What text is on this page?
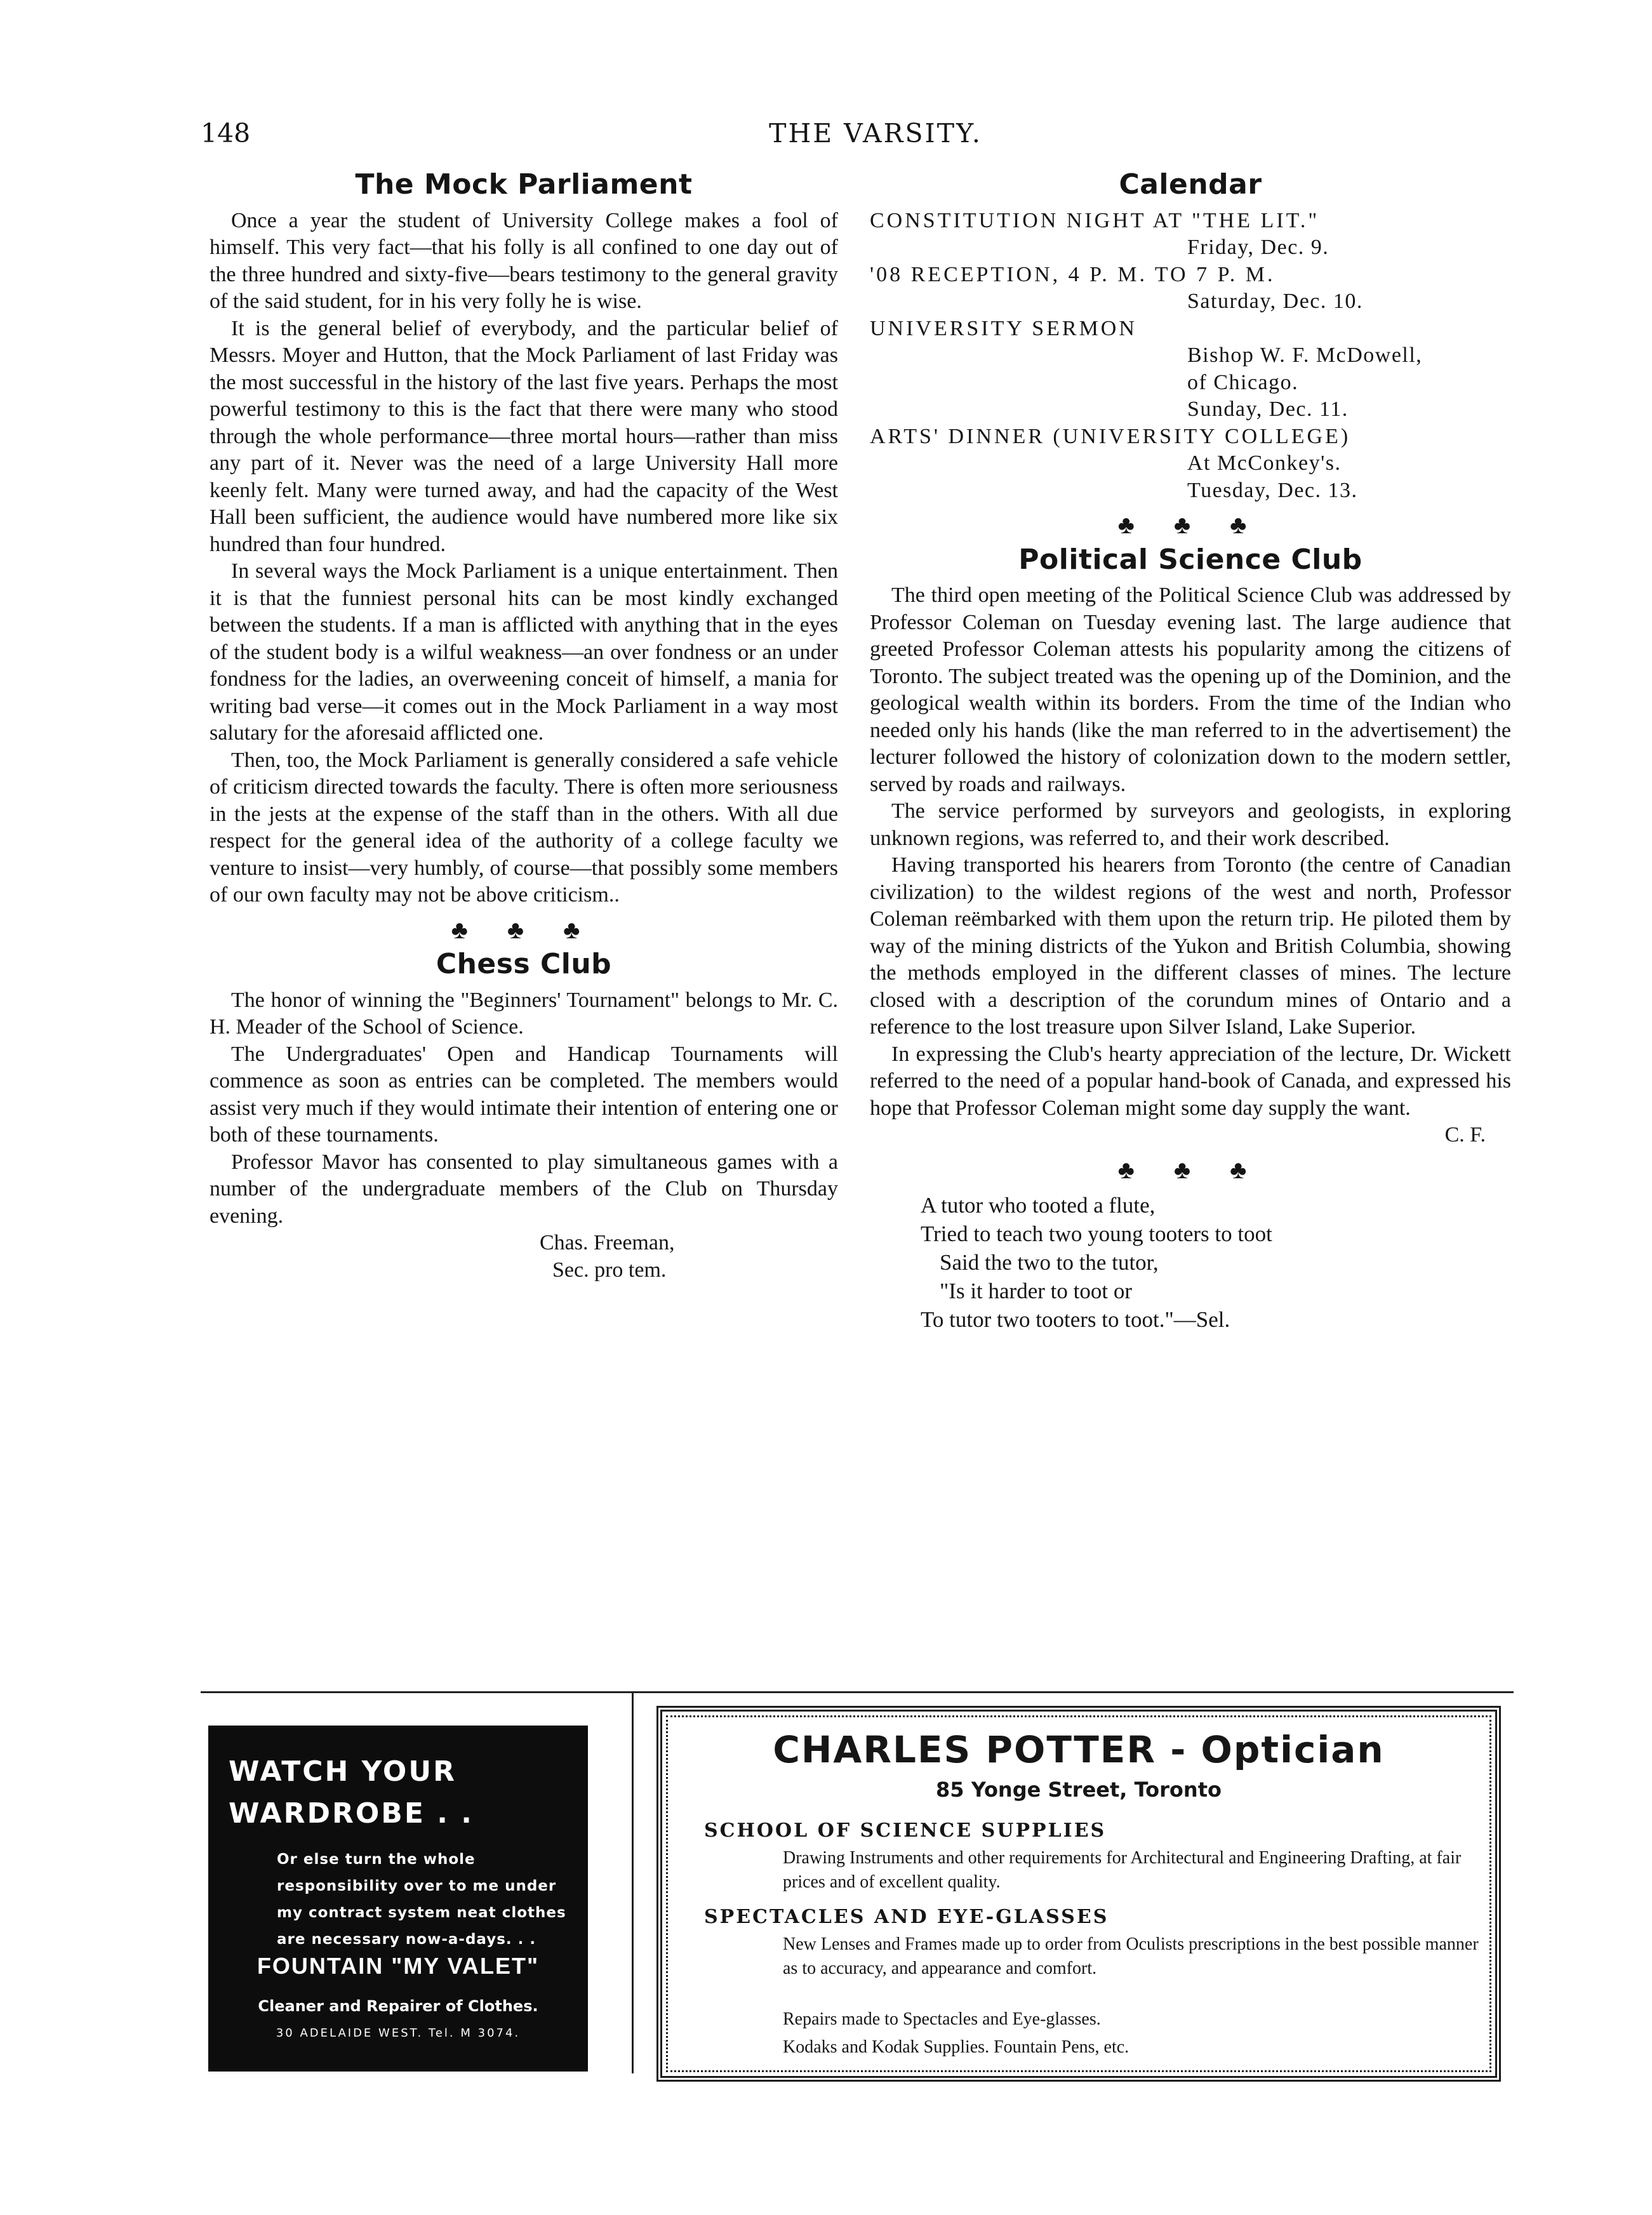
148	THE VARSITY.
The Mock Parliament

Once a year the student of University College makes a fool of himself. This very fact—that his folly is all confined to one day out of the three hundred and sixty-five—bears testimony to the general gravity of the said student, for in his very folly he is wise.

It is the general belief of everybody, and the particular belief of Messrs. Moyer and Hutton, that the Mock Parliament of last Friday was the most successful in the history of the last five years. Perhaps the most powerful testimony to this is the fact that there were many who stood through the whole performance—three mortal hours—rather than miss any part of it. Never was the need of a large University Hall more keenly felt. Many were turned away, and had the capacity of the West Hall been sufficient, the audience would have numbered more like six hundred than four hundred.

In several ways the Mock Parliament is a unique entertainment. Then it is that the funniest personal hits can be most kindly exchanged between the students. If a man is afflicted with anything that in the eyes of the student body is a wilful weakness—an over fondness or an under fondness for the ladies, an overweening conceit of himself, a mania for writing bad verse—it comes out in the Mock Parliament in a way most salutary for the aforesaid afflicted one.

Then, too, the Mock Parliament is generally considered a safe vehicle of criticism directed towards the faculty. There is often more seriousness in the jests at the expense of the staff than in the others. With all due respect for the general idea of the authority of a college faculty we venture to insist—very humbly, of course—that possibly some members of our own faculty may not be above criticism..

♣ ♣ ♣
Chess Club

The honor of winning the "Beginners' Tournament" belongs to Mr. C. H. Meader of the School of Science.

The Undergraduates' Open and Handicap Tournaments will commence as soon as entries can be completed. The members would assist very much if they would intimate their intention of entering one or both of these tournaments.

Professor Mavor has consented to play simultaneous games with a number of the undergraduate members of the Club on Thursday evening.

Chas. Freeman,

Sec. pro tem.

Calendar

CONSTITUTION NIGHT AT "THE LIT."

Friday, Dec. 9.

'08 RECEPTION, 4 P. M. TO 7 P. M.

Saturday, Dec. 10.

UNIVERSITY SERMON

Bishop W. F. McDowell,

of Chicago.

Sunday, Dec. 11.

ARTS' DINNER (UNIVERSITY COLLEGE)

At McConkey's.

Tuesday, Dec. 13.

♣ ♣ ♣
Political Science Club

The third open meeting of the Political Science Club was addressed by Professor Coleman on Tuesday evening last. The large audience that greeted Professor Coleman attests his popularity among the citizens of Toronto. The subject treated was the opening up of the Dominion, and the geological wealth within its borders. From the time of the Indian who needed only his hands (like the man referred to in the advertisement) the lecturer followed the history of colonization down to the modern settler, served by roads and railways.

The service performed by surveyors and geologists, in exploring unknown regions, was referred to, and their work described.

Having transported his hearers from Toronto (the centre of Canadian civilization) to the wildest regions of the west and north, Professor Coleman reëmbarked with them upon the return trip. He piloted them by way of the mining districts of the Yukon and British Columbia, showing the methods employed in the different classes of mines. The lecture closed with a description of the corundum mines of Ontario and a reference to the lost treasure upon Silver Island, Lake Superior.

In expressing the Club's hearty appreciation of the lecture, Dr. Wickett referred to the need of a popular hand-book of Canada, and expressed his hope that Professor Coleman might some day supply the want.

C. F.

♣ ♣ ♣
A tutor who tooted a flute,
Tried to teach two young tooters to toot
Said the two to the tutor,
"Is it harder to toot or
To tutor two tooters to toot."—Sel.
WATCH YOUR
WARDROBE . .
Or else turn the whole responsibility over to me under my contract system neat clothes are necessary now-a-days. . .
FOUNTAIN "MY VALET"
Cleaner and Repairer of Clothes.
30 ADELAIDE WEST. Tel. M 3074.
CHARLES POTTER - Optician
85 Yonge Street, Toronto
SCHOOL OF SCIENCE SUPPLIES
Drawing Instruments and other requirements for Architectural and Engineering Drafting, at fair prices and of excellent quality.
SPECTACLES AND EYE-GLASSES
New Lenses and Frames made up to order from Oculists prescriptions in the best possible manner as to accuracy, and appearance and comfort.
Repairs made to Spectacles and Eye-glasses.
Kodaks and Kodak Supplies. Fountain Pens, etc.
